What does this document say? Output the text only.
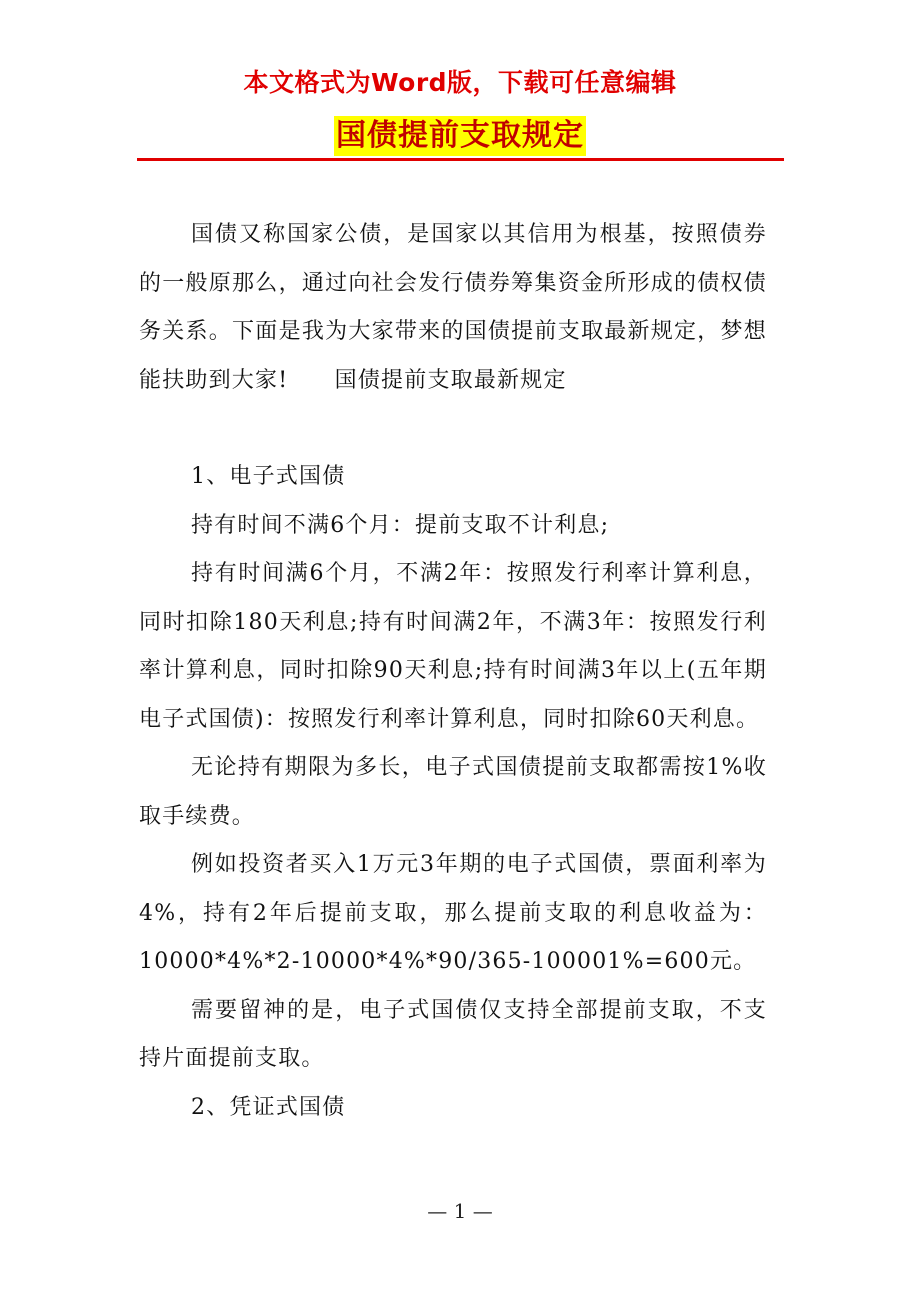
本文格式为Word版，下载可任意编辑
国债提前支取规定

国债又称国家公债，是国家以其信用为根基，按照债券的一般原那么，通过向社会发行债券筹集资金所形成的债权债务关系。下面是我为大家带来的国债提前支取最新规定，梦想能扶助到大家!　　国债提前支取最新规定

1、电子式国债

持有时间不满6个月：提前支取不计利息;

持有时间满6个月，不满2年：按照发行利率计算利息，同时扣除180天利息;持有时间满2年，不满3年：按照发行利率计算利息，同时扣除90天利息;持有时间满3年以上(五年期电子式国债)：按照发行利率计算利息，同时扣除60天利息。

无论持有期限为多长，电子式国债提前支取都需按1%收取手续费。

例如投资者买入1万元3年期的电子式国债，票面利率为4%，持有2年后提前支取，那么提前支取的利息收益为：10000*4%*2-10000*4%*90/365-100001%=600元。

需要留神的是，电子式国债仅支持全部提前支取，不支持片面提前支取。

2、凭证式国债

— 1 —
